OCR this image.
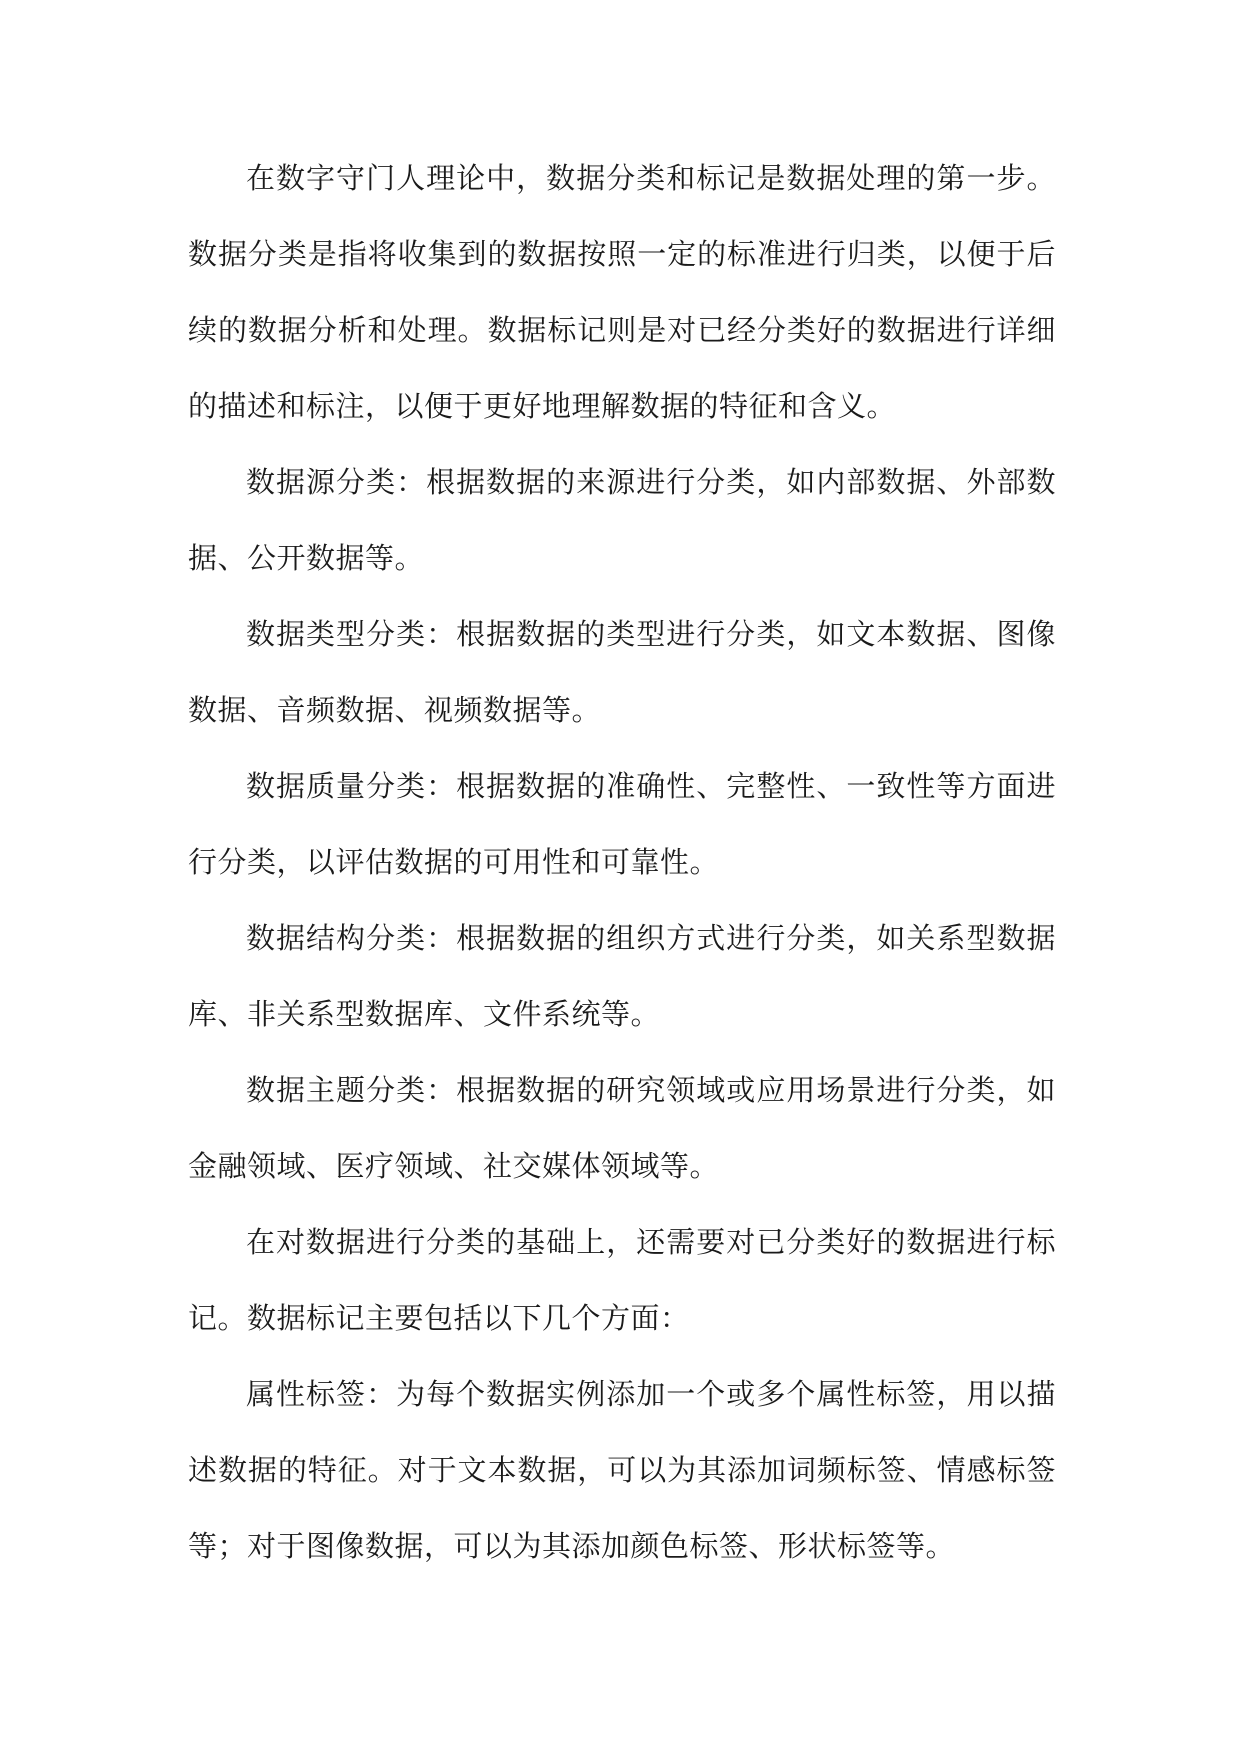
在数字守门人理论中，数据分类和标记是数据处理的第一步。数据分类是指将收集到的数据按照一定的标准进行归类，以便于后续的数据分析和处理。数据标记则是对已经分类好的数据进行详细的描述和标注，以便于更好地理解数据的特征和含义。

数据源分类：根据数据的来源进行分类，如内部数据、外部数据、公开数据等。

数据类型分类：根据数据的类型进行分类，如文本数据、图像数据、音频数据、视频数据等。

数据质量分类：根据数据的准确性、完整性、一致性等方面进行分类，以评估数据的可用性和可靠性。

数据结构分类：根据数据的组织方式进行分类，如关系型数据库、非关系型数据库、文件系统等。

数据主题分类：根据数据的研究领域或应用场景进行分类，如金融领域、医疗领域、社交媒体领域等。

在对数据进行分类的基础上，还需要对已分类好的数据进行标记。数据标记主要包括以下几个方面：

属性标签：为每个数据实例添加一个或多个属性标签，用以描述数据的特征。对于文本数据，可以为其添加词频标签、情感标签等；对于图像数据，可以为其添加颜色标签、形状标签等。
